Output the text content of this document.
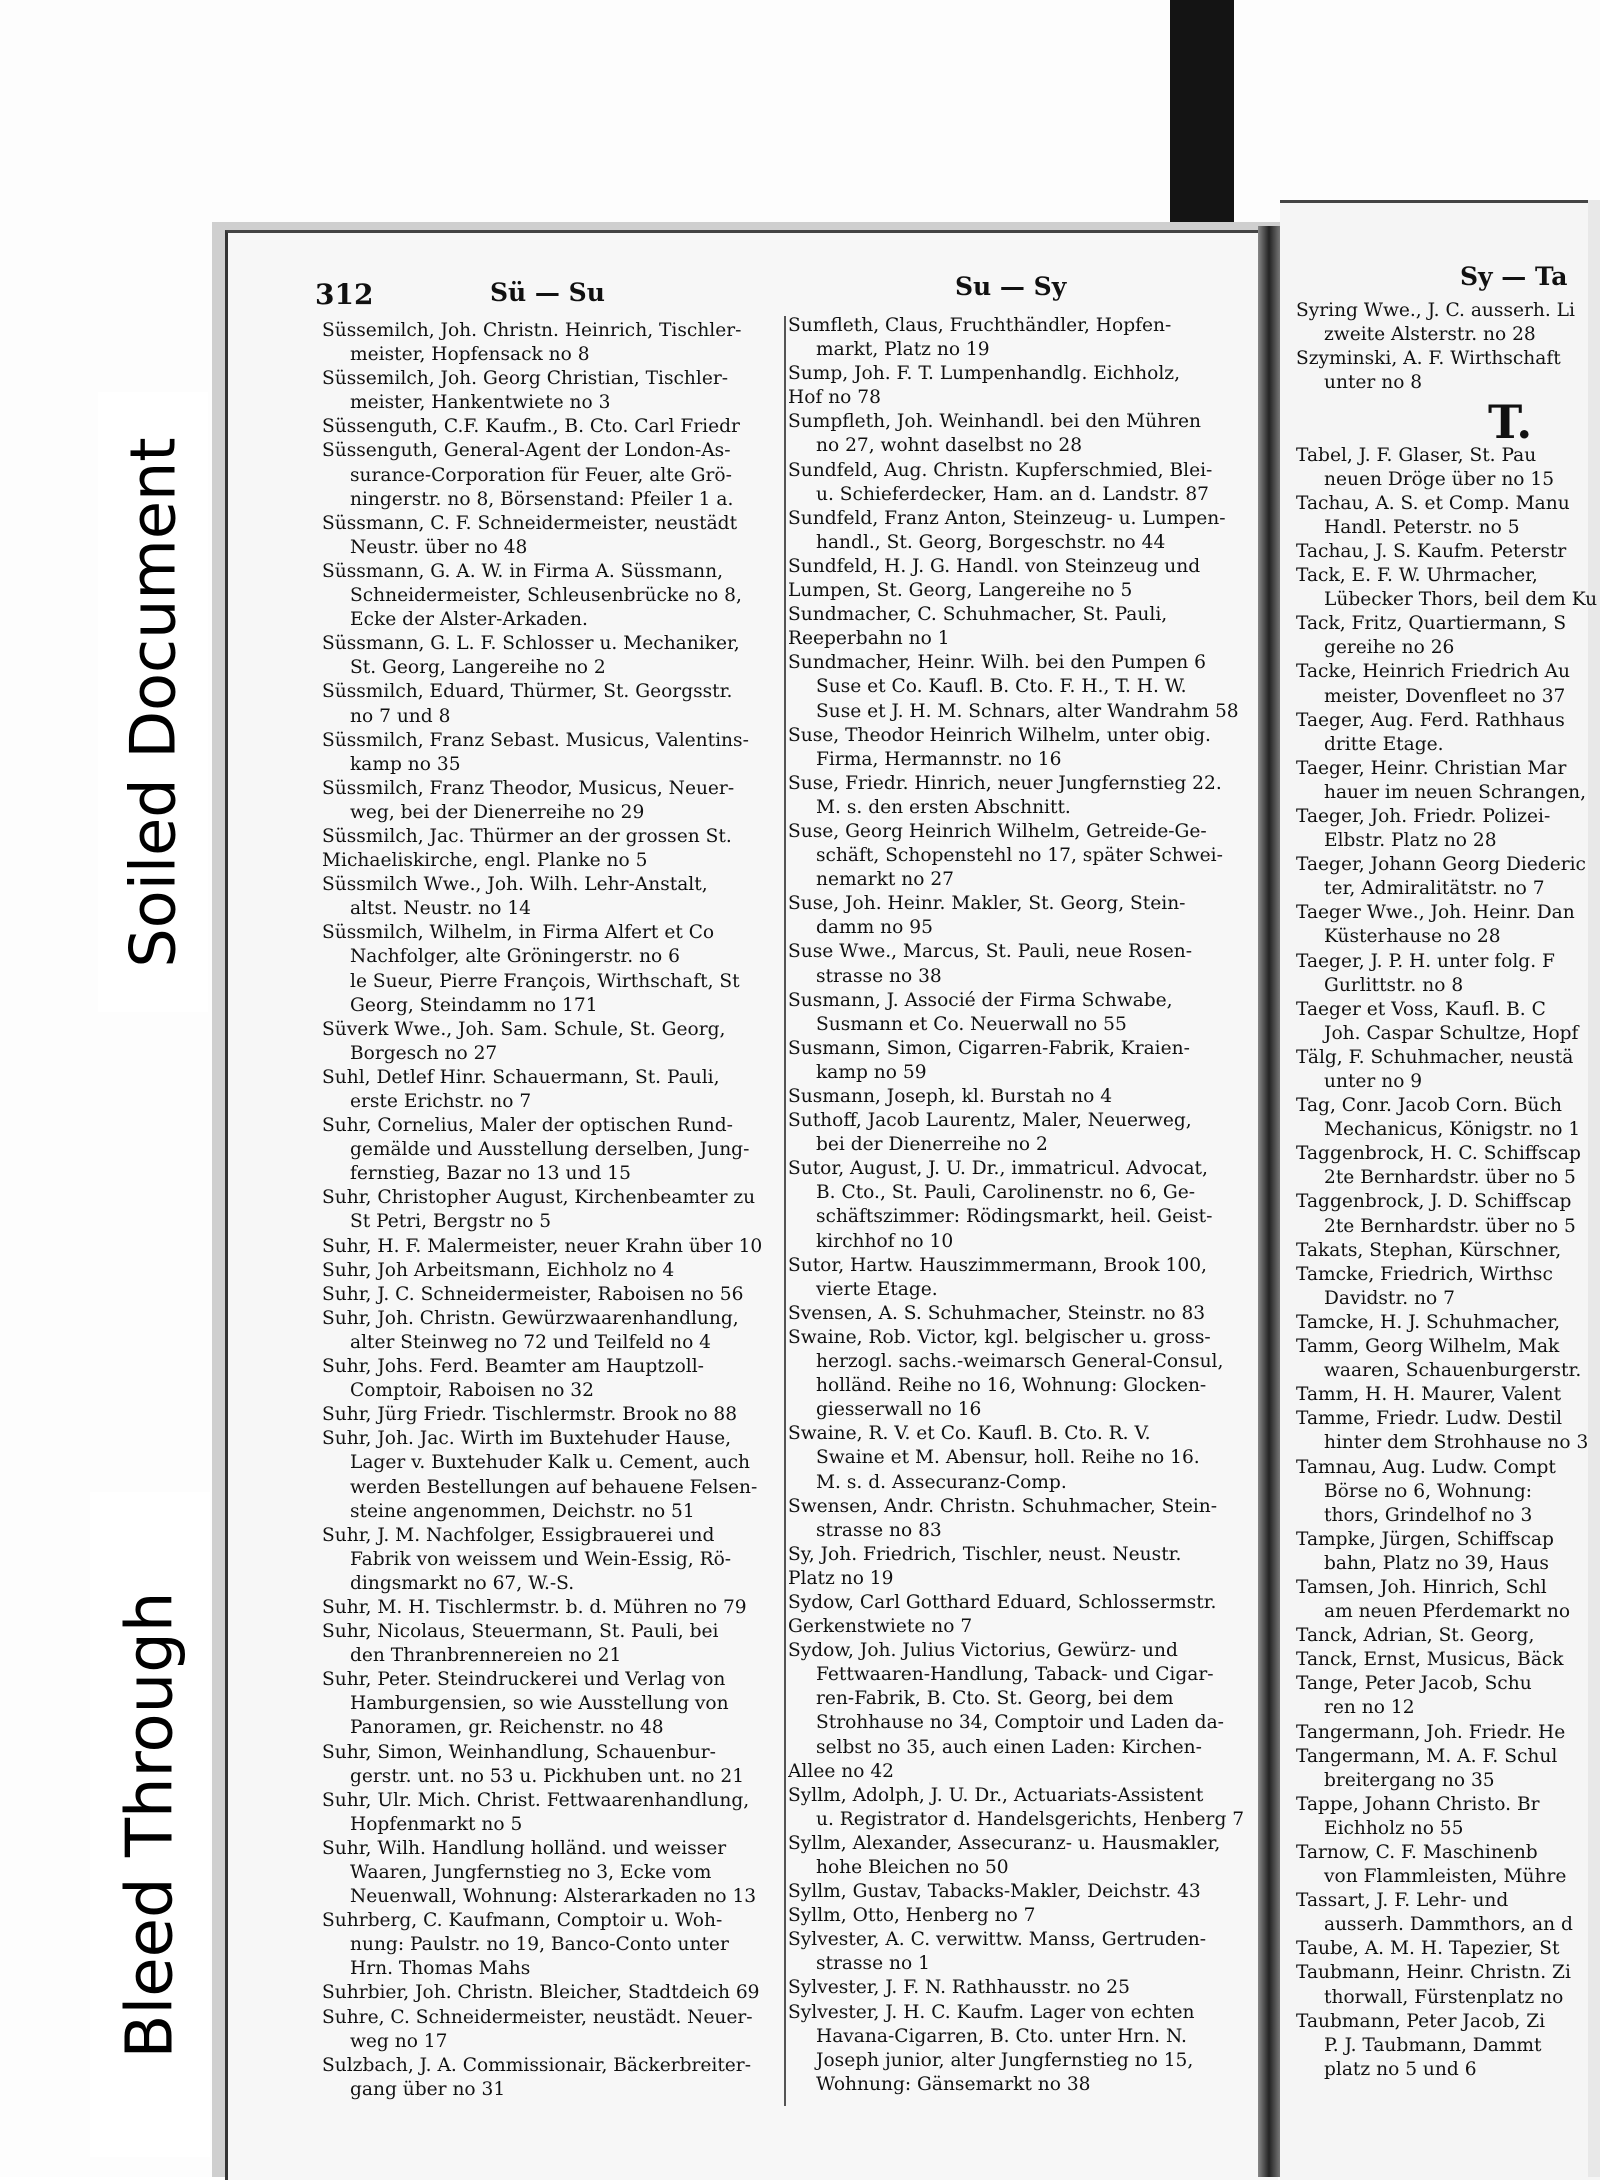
Soiled Document
Bleed Through
312	Sü — Su	Su — Sy	Sy — Ta
T.
Süssemilch, Joh. Christn. Heinrich, Tischler-
meister, Hopfensack no 8
Süssemilch, Joh. Georg Christian, Tischler-
meister, Hankentwiete no 3
Süssenguth, C.F. Kaufm., B. Cto. Carl Friedr
Süssenguth, General-Agent der London-As-
surance-Corporation für Feuer, alte Grö-
ningerstr. no 8, Börsenstand: Pfeiler 1 a.
Süssmann, C. F. Schneidermeister, neustädt
Neustr. über no 48
Süssmann, G. A. W. in Firma A. Süssmann,
Schneidermeister, Schleusenbrücke no 8,
Ecke der Alster-Arkaden.
Süssmann, G. L. F. Schlosser u. Mechaniker,
St. Georg, Langereihe no 2
Süssmilch, Eduard, Thürmer, St. Georgsstr.
no 7 und 8
Süssmilch, Franz Sebast. Musicus, Valentins-
kamp no 35
Süssmilch, Franz Theodor, Musicus, Neuer-
weg, bei der Dienerreihe no 29
Süssmilch, Jac. Thürmer an der grossen St.
Michaeliskirche, engl. Planke no 5
Süssmilch Wwe., Joh. Wilh. Lehr-Anstalt,
altst. Neustr. no 14
Süssmilch, Wilhelm, in Firma Alfert et Co
Nachfolger, alte Gröningerstr. no 6
le Sueur, Pierre François, Wirthschaft, St
Georg, Steindamm no 171
Süverk Wwe., Joh. Sam. Schule, St. Georg,
Borgesch no 27
Suhl, Detlef Hinr. Schauermann, St. Pauli,
erste Erichstr. no 7
Suhr, Cornelius, Maler der optischen Rund-
gemälde und Ausstellung derselben, Jung-
fernstieg, Bazar no 13 und 15
Suhr, Christopher August, Kirchenbeamter zu
St Petri, Bergstr no 5
Suhr, H. F. Malermeister, neuer Krahn über 10
Suhr, Joh Arbeitsmann, Eichholz no 4
Suhr, J. C. Schneidermeister, Raboisen no 56
Suhr, Joh. Christn. Gewürzwaarenhandlung,
alter Steinweg no 72 und Teilfeld no 4
Suhr, Johs. Ferd. Beamter am Hauptzoll-
Comptoir, Raboisen no 32
Suhr, Jürg Friedr. Tischlermstr. Brook no 88
Suhr, Joh. Jac. Wirth im Buxtehuder Hause,
Lager v. Buxtehuder Kalk u. Cement, auch
werden Bestellungen auf behauene Felsen-
steine angenommen, Deichstr. no 51
Suhr, J. M. Nachfolger, Essigbrauerei und
Fabrik von weissem und Wein-Essig, Rö-
dingsmarkt no 67, W.-S.
Suhr, M. H. Tischlermstr. b. d. Mühren no 79
Suhr, Nicolaus, Steuermann, St. Pauli, bei
den Thranbrennereien no 21
Suhr, Peter. Steindruckerei und Verlag von
Hamburgensien, so wie Ausstellung von
Panoramen, gr. Reichenstr. no 48
Suhr, Simon, Weinhandlung, Schauenbur-
gerstr. unt. no 53 u. Pickhuben unt. no 21
Suhr, Ulr. Mich. Christ. Fettwaarenhandlung,
Hopfenmarkt no 5
Suhr, Wilh. Handlung holländ. und weisser
Waaren, Jungfernstieg no 3, Ecke vom
Neuenwall, Wohnung: Alsterarkaden no 13
Suhrberg, C. Kaufmann, Comptoir u. Woh-
nung: Paulstr. no 19, Banco-Conto unter
Hrn. Thomas Mahs
Suhrbier, Joh. Christn. Bleicher, Stadtdeich 69
Suhre, C. Schneidermeister, neustädt. Neuer-
weg no 17
Sulzbach, J. A. Commissionair, Bäckerbreiter-
gang über no 31
Sumfleth, Claus, Fruchthändler, Hopfen-
markt, Platz no 19
Sump, Joh. F. T. Lumpenhandlg. Eichholz,
Hof no 78
Sumpfleth, Joh. Weinhandl. bei den Mühren
no 27, wohnt daselbst no 28
Sundfeld, Aug. Christn. Kupferschmied, Blei-
u. Schieferdecker, Ham. an d. Landstr. 87
Sundfeld, Franz Anton, Steinzeug- u. Lumpen-
handl., St. Georg, Borgeschstr. no 44
Sundfeld, H. J. G. Handl. von Steinzeug und
Lumpen, St. Georg, Langereihe no 5
Sundmacher, C. Schuhmacher, St. Pauli,
Reeperbahn no 1
Sundmacher, Heinr. Wilh. bei den Pumpen 6
Suse et Co. Kaufl. B. Cto. F. H., T. H. W.
Suse et J. H. M. Schnars, alter Wandrahm 58
Suse, Theodor Heinrich Wilhelm, unter obig.
Firma, Hermannstr. no 16
Suse, Friedr. Hinrich, neuer Jungfernstieg 22.
M. s. den ersten Abschnitt.
Suse, Georg Heinrich Wilhelm, Getreide-Ge-
schäft, Schopenstehl no 17, später Schwei-
nemarkt no 27
Suse, Joh. Heinr. Makler, St. Georg, Stein-
damm no 95
Suse Wwe., Marcus, St. Pauli, neue Rosen-
strasse no 38
Susmann, J. Associé der Firma Schwabe,
Susmann et Co. Neuerwall no 55
Susmann, Simon, Cigarren-Fabrik, Kraien-
kamp no 59
Susmann, Joseph, kl. Burstah no 4
Suthoff, Jacob Laurentz, Maler, Neuerweg,
bei der Dienerreihe no 2
Sutor, August, J. U. Dr., immatricul. Advocat,
B. Cto., St. Pauli, Carolinenstr. no 6, Ge-
schäftszimmer: Rödingsmarkt, heil. Geist-
kirchhof no 10
Sutor, Hartw. Hauszimmermann, Brook 100,
vierte Etage.
Svensen, A. S. Schuhmacher, Steinstr. no 83
Swaine, Rob. Victor, kgl. belgischer u. gross-
herzogl. sachs.-weimarsch General-Consul,
holländ. Reihe no 16, Wohnung: Glocken-
giesserwall no 16
Swaine, R. V. et Co. Kaufl. B. Cto. R. V.
Swaine et M. Abensur, holl. Reihe no 16.
M. s. d. Assecuranz-Comp.
Swensen, Andr. Christn. Schuhmacher, Stein-
strasse no 83
Sy, Joh. Friedrich, Tischler, neust. Neustr.
Platz no 19
Sydow, Carl Gotthard Eduard, Schlossermstr.
Gerkenstwiete no 7
Sydow, Joh. Julius Victorius, Gewürz- und
Fettwaaren-Handlung, Taback- und Cigar-
ren-Fabrik, B. Cto. St. Georg, bei dem
Strohhause no 34, Comptoir und Laden da-
selbst no 35, auch einen Laden: Kirchen-
Allee no 42
Syllm, Adolph, J. U. Dr., Actuariats-Assistent
u. Registrator d. Handelsgerichts, Henberg 7
Syllm, Alexander, Assecuranz- u. Hausmakler,
hohe Bleichen no 50
Syllm, Gustav, Tabacks-Makler, Deichstr. 43
Syllm, Otto, Henberg no 7
Sylvester, A. C. verwittw. Manss, Gertruden-
strasse no 1
Sylvester, J. F. N. Rathhausstr. no 25
Sylvester, J. H. C. Kaufm. Lager von echten
Havana-Cigarren, B. Cto. unter Hrn. N.
Joseph junior, alter Jungfernstieg no 15,
Wohnung: Gänsemarkt no 38
Syring Wwe., J. C. ausserh. Li
zweite Alsterstr. no 28
Szyminski, A. F. Wirthschaft
unter no 8
Tabel, J. F. Glaser, St. Pau
neuen Dröge über no 15
Tachau, A. S. et Comp. Manu
Handl. Peterstr. no 5
Tachau, J. S. Kaufm. Peterstr
Tack, E. F. W. Uhrmacher,
Lübecker Thors, beil dem Ku
Tack, Fritz, Quartiermann, S
gereihe no 26
Tacke, Heinrich Friedrich Au
meister, Dovenfleet no 37
Taeger, Aug. Ferd. Rathhaus
dritte Etage.
Taeger, Heinr. Christian Mar
hauer im neuen Schrangen,
Taeger, Joh. Friedr. Polizei-
Elbstr. Platz no 28
Taeger, Johann Georg Diederic
ter, Admiralitätstr. no 7
Taeger Wwe., Joh. Heinr. Dan
Küsterhause no 28
Taeger, J. P. H. unter folg. F
Gurlittstr. no 8
Taeger et Voss, Kaufl. B. C
Joh. Caspar Schultze, Hopf
Tälg, F. Schuhmacher, neustä
unter no 9
Tag, Conr. Jacob Corn. Büch
Mechanicus, Königstr. no 1
Taggenbrock, H. C. Schiffscap
2te Bernhardstr. über no 5
Taggenbrock, J. D. Schiffscap
2te Bernhardstr. über no 5
Takats, Stephan, Kürschner,
Tamcke, Friedrich, Wirthsc
Davidstr. no 7
Tamcke, H. J. Schuhmacher,
Tamm, Georg Wilhelm, Mak
waaren, Schauenburgerstr.
Tamm, H. H. Maurer, Valent
Tamme, Friedr. Ludw. Destil
hinter dem Strohhause no 3
Tamnau, Aug. Ludw. Compt
Börse no 6, Wohnung:
thors, Grindelhof no 3
Tampke, Jürgen, Schiffscap
bahn, Platz no 39, Haus
Tamsen, Joh. Hinrich, Schl
am neuen Pferdemarkt no
Tanck, Adrian, St. Georg,
Tanck, Ernst, Musicus, Bäck
Tange, Peter Jacob, Schu
ren no 12
Tangermann, Joh. Friedr. He
Tangermann, M. A. F. Schul
breitergang no 35
Tappe, Johann Christo. Br
Eichholz no 55
Tarnow, C. F. Maschinenb
von Flammleisten, Mühre
Tassart, J. F. Lehr- und
ausserh. Dammthors, an d
Taube, A. M. H. Tapezier, St
Taubmann, Heinr. Christn. Zi
thorwall, Fürstenplatz no
Taubmann, Peter Jacob, Zi
P. J. Taubmann, Dammt
platz no 5 und 6
